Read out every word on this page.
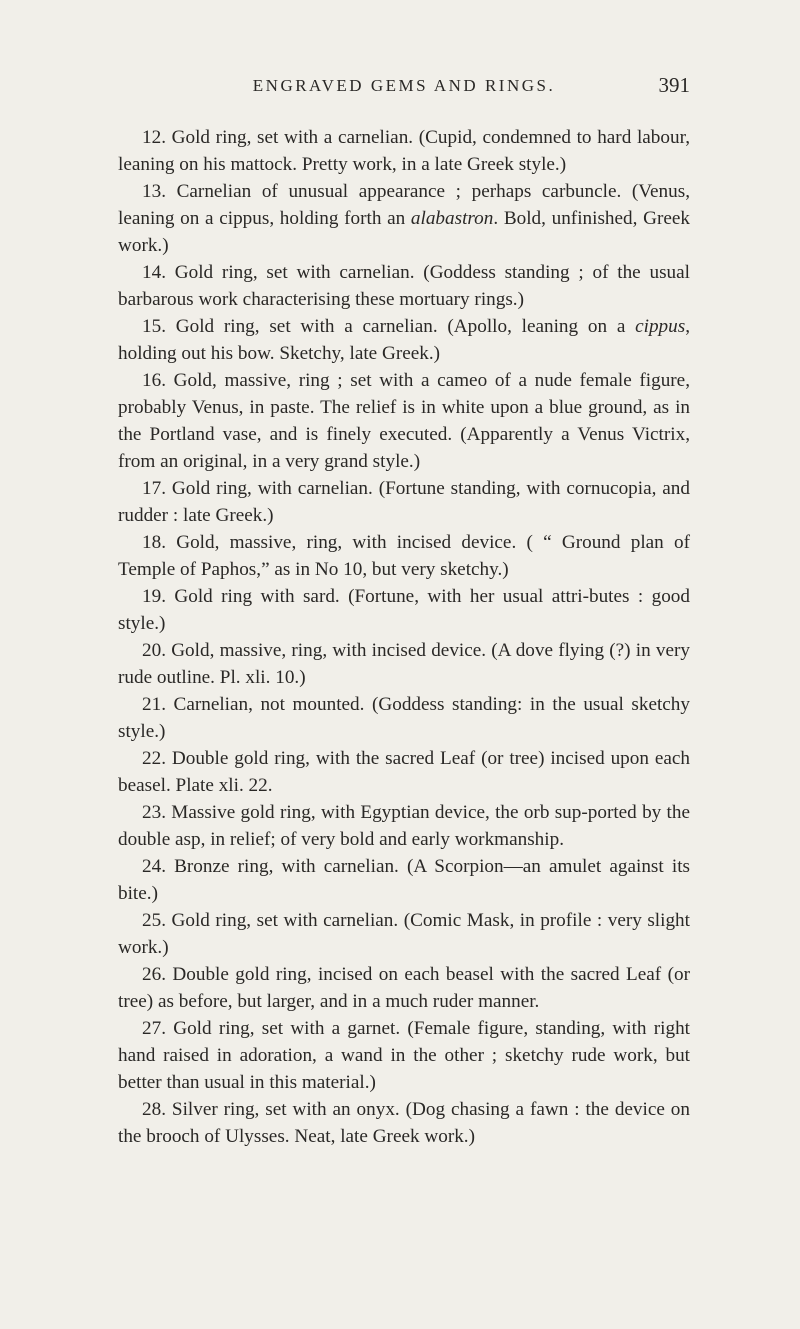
ENGRAVED GEMS AND RINGS.	391

12. Gold ring, set with a carnelian. (Cupid, condemned to hard labour, leaning on his mattock. Pretty work, in a late Greek style.)

13. Carnelian of unusual appearance ; perhaps carbuncle. (Venus, leaning on a cippus, holding forth an alabastron. Bold, unfinished, Greek work.)

14. Gold ring, set with carnelian. (Goddess standing ; of the usual barbarous work characterising these mortuary rings.)

15. Gold ring, set with a carnelian. (Apollo, leaning on a cippus, holding out his bow. Sketchy, late Greek.)

16. Gold, massive, ring ; set with a cameo of a nude female figure, probably Venus, in paste. The relief is in white upon a blue ground, as in the Portland vase, and is finely executed. (Apparently a Venus Victrix, from an original, in a very grand style.)

17. Gold ring, with carnelian. (Fortune standing, with cornucopia, and rudder : late Greek.)

18. Gold, massive, ring, with incised device. ( “ Ground plan of Temple of Paphos,” as in No 10, but very sketchy.)

19. Gold ring with sard. (Fortune, with her usual attri-butes : good style.)

20. Gold, massive, ring, with incised device. (A dove flying (?) in very rude outline. Pl. xli. 10.)

21. Carnelian, not mounted. (Goddess standing: in the usual sketchy style.)

22. Double gold ring, with the sacred Leaf (or tree) incised upon each beasel. Plate xli. 22.

23. Massive gold ring, with Egyptian device, the orb sup-ported by the double asp, in relief; of very bold and early workmanship.

24. Bronze ring, with carnelian. (A Scorpion—an amulet against its bite.)

25. Gold ring, set with carnelian. (Comic Mask, in profile : very slight work.)

26. Double gold ring, incised on each beasel with the sacred Leaf (or tree) as before, but larger, and in a much ruder manner.

27. Gold ring, set with a garnet. (Female figure, standing, with right hand raised in adoration, a wand in the other ; sketchy rude work, but better than usual in this material.)

28. Silver ring, set with an onyx. (Dog chasing a fawn : the device on the brooch of Ulysses. Neat, late Greek work.)
